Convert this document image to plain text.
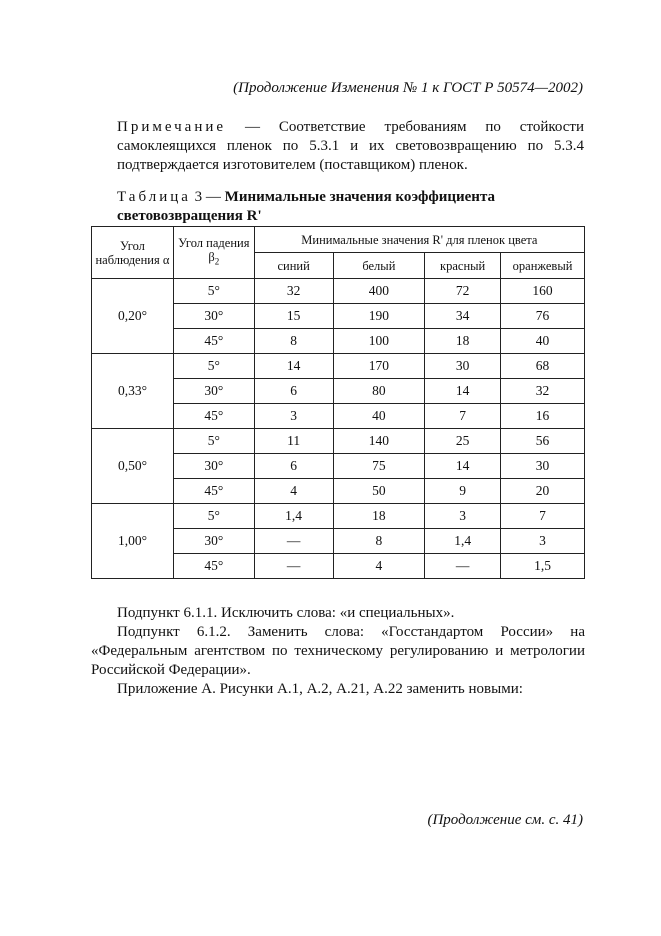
(Продолжение Изменения № 1 к ГОСТ Р 50574—2002)
Примечание — Соответствие требованиям по стойкости самоклеящихся пленок по 5.3.1 и их световозвращению по 5.3.4 подтверждается изготовителем (поставщиком) пленок.
Таблица 3 — Минимальные значения коэффициента световозвращения R'
Угол наблюдения α	Угол падения $\beta_2$	Минимальные значения R' для пленок цвета			
		синий	белый	красный	оранжевый
0,20°	5°	32	400	72	160
	30°	15	190	34	76
	45°	8	100	18	40
0,33°	5°	14	170	30	68
	30°	6	80	14	32
	45°	3	40	7	16
0,50°	5°	11	140	25	56
	30°	6	75	14	30
	45°	4	50	9	20
1,00°	5°	1,4	18	3	7
	30°	—	8	1,4	3
	45°	—	4	—	1,5

Подпункт 6.1.1. Исключить слова: «и специальных».

Подпункт 6.1.2. Заменить слова: «Госстандартом России» на «Федеральным агентством по техническому регулированию и метрологии Российской Федерации».

Приложение А. Рисунки А.1, А.2, А.21, А.22 заменить новыми:

(Продолжение см. с. 41)
